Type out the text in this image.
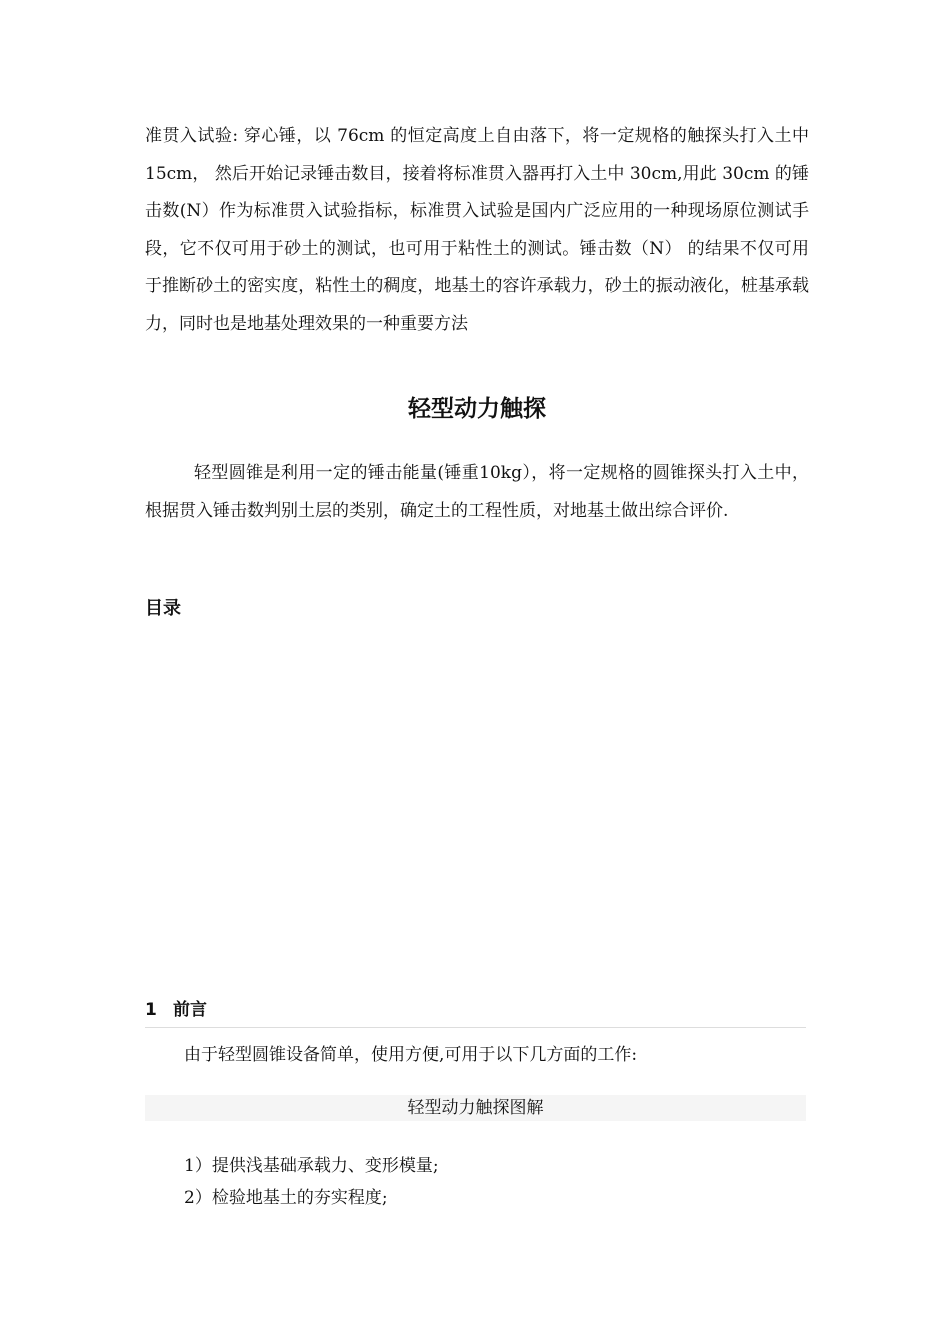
准贯入试验: 穿心锤，以 76cm 的恒定高度上自由落下，将一定规格的触探头打入土中 15cm， 然后开始记录锤击数目，接着将标准贯入器再打入土中 30cm,用此 30cm 的锤 击数(N）作为标准贯入试验指标，标准贯入试验是国内广泛应用的一种现场原位测试手段，它不仅可用于砂土的测试，也可用于粘性土的测试。锤击数（N） 的结果不仅可用于推断砂土的密实度，粘性土的稠度，地基土的容许承载力，砂土的振动液化，桩基承载力，同时也是地基处理效果的一种重要方法

轻型动力触探

轻型圆锥是利用一定的锤击能量(锤重10kg），将一定规格的圆锥探头打入土中，根据贯入锤击数判别土层的类别，确定土的工程性质，对地基土做出综合评价.

目录
1 前言

由于轻型圆锥设备简单，使用方便,可用于以下几方面的工作:

轻型动力触探图解
1）提供浅基础承载力、变形模量;
2）检验地基土的夯实程度;
